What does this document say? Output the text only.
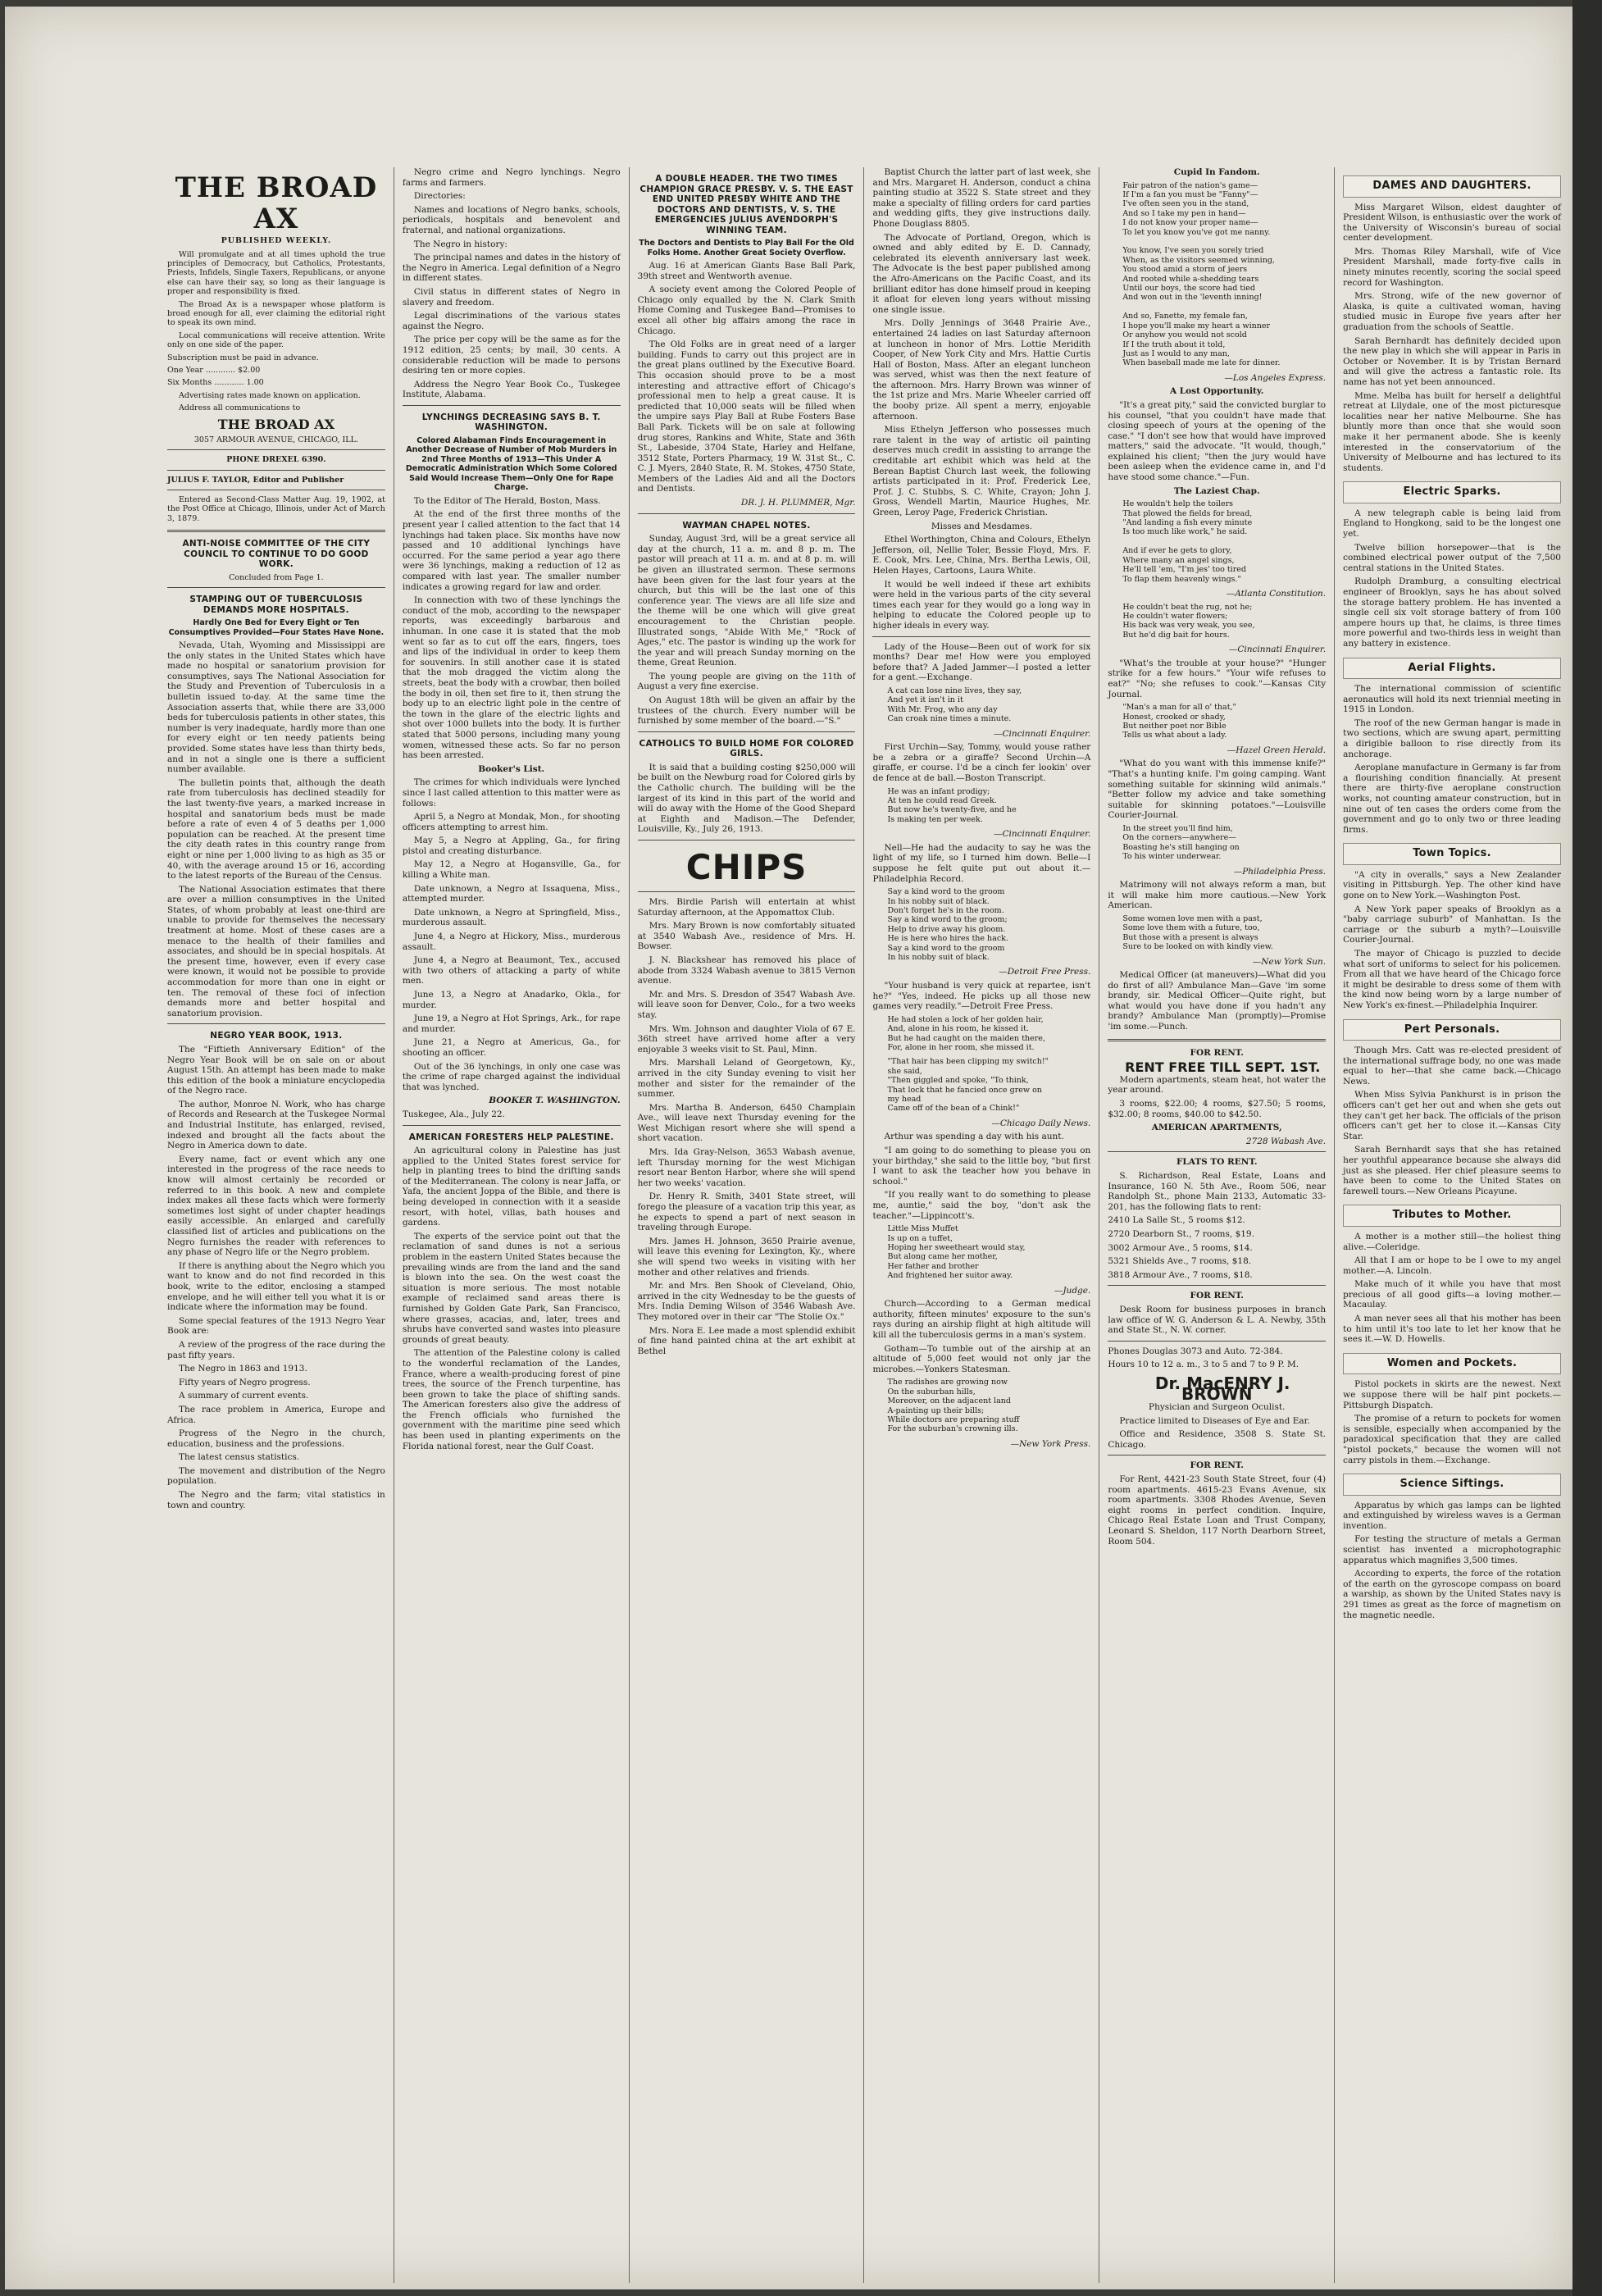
THE BROAD AX

PUBLISHED WEEKLY.

Will promulgate and at all times uphold the true principles of Democracy, but Catholics, Protestants, Priests, Infidels, Single Taxers, Republicans, or anyone else can have their say, so long as their language is proper and responsibility is fixed.

The Broad Ax is a newspaper whose platform is broad enough for all, ever claiming the editorial right to speak its own mind.

Local communications will receive attention. Write only on one side of the paper.

Subscription must be paid in advance.

One Year ............ $2.00

Six Months ............ 1.00

Advertising rates made known on application.

Address all communications to

THE BROAD AX

3057 ARMOUR AVENUE, CHICAGO, ILL.

PHONE DREXEL 6390.

JULIUS F. TAYLOR, Editor and Publisher

Entered as Second-Class Matter Aug. 19, 1902, at the Post Office at Chicago, Illinois, under Act of March 3, 1879.

ANTI-NOISE COMMITTEE OF THE CITY COUNCIL TO CONTINUE TO DO GOOD WORK.

Concluded from Page 1.

STAMPING OUT OF TUBERCULOSIS DEMANDS MORE HOSPITALS.
Hardly One Bed for Every Eight or Ten Consumptives Provided—Four States Have None.

Nevada, Utah, Wyoming and Mississippi are the only states in the United States which have made no hospital or sanatorium provision for consumptives, says The National Association for the Study and Prevention of Tuberculosis in a bulletin issued to-day. At the same time the Association asserts that, while there are 33,000 beds for tuberculosis patients in other states, this number is very inadequate, hardly more than one for every eight or ten needy patients being provided. Some states have less than thirty beds, and in not a single one is there a sufficient number available.

The bulletin points that, although the death rate from tuberculosis has declined steadily for the last twenty-five years, a marked increase in hospital and sanatorium beds must be made before a rate of even 4 of 5 deaths per 1,000 population can be reached. At the present time the city death rates in this country range from eight or nine per 1,000 living to as high as 35 or 40, with the average around 15 or 16, according to the latest reports of the Bureau of the Census.

The National Association estimates that there are over a million consumptives in the United States, of whom probably at least one-third are unable to provide for themselves the necessary treatment at home. Most of these cases are a menace to the health of their families and associates, and should be in special hospitals. At the present time, however, even if every case were known, it would not be possible to provide accommodation for more than one in eight or ten. The removal of these foci of infection demands more and better hospital and sanatorium provision.

NEGRO YEAR BOOK, 1913.

The "Fiftieth Anniversary Edition" of the Negro Year Book will be on sale on or about August 15th. An attempt has been made to make this edition of the book a miniature encyclopedia of the Negro race.

The author, Monroe N. Work, who has charge of Records and Research at the Tuskegee Normal and Industrial Institute, has enlarged, revised, indexed and brought all the facts about the Negro in America down to date.

Every name, fact or event which any one interested in the progress of the race needs to know will almost certainly be recorded or referred to in this book. A new and complete index makes all these facts which were formerly sometimes lost sight of under chapter headings easily accessible. An enlarged and carefully classified list of articles and publications on the Negro furnishes the reader with references to any phase of Negro life or the Negro problem.

If there is anything about the Negro which you want to know and do not find recorded in this book, write to the editor, enclosing a stamped envelope, and he will either tell you what it is or indicate where the information may be found.

Some special features of the 1913 Negro Year Book are:

A review of the progress of the race during the past fifty years.

The Negro in 1863 and 1913.

Fifty years of Negro progress.

A summary of current events.

The race problem in America, Europe and Africa.

Progress of the Negro in the church, education, business and the professions.

The latest census statistics.

The movement and distribution of the Negro population.

The Negro and the farm; vital statistics in town and country.

Negro crime and Negro lynchings. Negro farms and farmers.

Directories:

Names and locations of Negro banks, schools, periodicals, hospitals and benevolent and fraternal, and national organizations.

The Negro in history:

The principal names and dates in the history of the Negro in America. Legal definition of a Negro in different states.

Civil status in different states of Negro in slavery and freedom.

Legal discriminations of the various states against the Negro.

The price per copy will be the same as for the 1912 edition, 25 cents; by mail, 30 cents. A considerable reduction will be made to persons desiring ten or more copies.

Address the Negro Year Book Co., Tuskegee Institute, Alabama.

LYNCHINGS DECREASING SAYS B. T. WASHINGTON.
Colored Alabaman Finds Encouragement in Another Decrease of Number of Mob Murders in 2nd Three Months of 1913—This Under A Democratic Administration Which Some Colored Said Would Increase Them—Only One for Rape Charge.

To the Editor of The Herald, Boston, Mass.

At the end of the first three months of the present year I called attention to the fact that 14 lynchings had taken place. Six months have now passed and 10 additional lynchings have occurred. For the same period a year ago there were 36 lynchings, making a reduction of 12 as compared with last year. The smaller number indicates a growing regard for law and order.

In connection with two of these lynchings the conduct of the mob, according to the newspaper reports, was exceedingly barbarous and inhuman. In one case it is stated that the mob went so far as to cut off the ears, fingers, toes and lips of the individual in order to keep them for souvenirs. In still another case it is stated that the mob dragged the victim along the streets, beat the body with a crowbar, then boiled the body in oil, then set fire to it, then strung the body up to an electric light pole in the centre of the town in the glare of the electric lights and shot over 1000 bullets into the body. It is further stated that 5000 persons, including many young women, witnessed these acts. So far no person has been arrested.

Booker's List.

The crimes for which individuals were lynched since I last called attention to this matter were as follows:

April 5, a Negro at Mondak, Mon., for shooting officers attempting to arrest him.

May 5, a Negro at Appling, Ga., for firing pistol and creating disturbance.

May 12, a Negro at Hogansville, Ga., for killing a White man.

Date unknown, a Negro at Issaquena, Miss., attempted murder.

Date unknown, a Negro at Springfield, Miss., murderous assault.

June 4, a Negro at Hickory, Miss., murderous assault.

June 4, a Negro at Beaumont, Tex., accused with two others of attacking a party of white men.

June 13, a Negro at Anadarko, Okla., for murder.

June 19, a Negro at Hot Springs, Ark., for rape and murder.

June 21, a Negro at Americus, Ga., for shooting an officer.

Out of the 36 lynchings, in only one case was the crime of rape charged against the individual that was lynched.

BOOKER T. WASHINGTON.

Tuskegee, Ala., July 22.

AMERICAN FORESTERS HELP PALESTINE.

An agricultural colony in Palestine has just applied to the United States forest service for help in planting trees to bind the drifting sands of the Mediterranean. The colony is near Jaffa, or Yafa, the ancient Joppa of the Bible, and there is being developed in connection with it a seaside resort, with hotel, villas, bath houses and gardens.

The experts of the service point out that the reclamation of sand dunes is not a serious problem in the eastern United States because the prevailing winds are from the land and the sand is blown into the sea. On the west coast the situation is more serious. The most notable example of reclaimed sand areas there is furnished by Golden Gate Park, San Francisco, where grasses, acacias, and, later, trees and shrubs have converted sand wastes into pleasure grounds of great beauty.

The attention of the Palestine colony is called to the wonderful reclamation of the Landes, France, where a wealth-producing forest of pine trees, the source of the French turpentine, has been grown to take the place of shifting sands. The American foresters also give the address of the French officials who furnished the government with the maritime pine seed which has been used in planting experiments on the Florida national forest, near the Gulf Coast.

A DOUBLE HEADER. THE TWO TIMES CHAMPION GRACE PRESBY. V. S. THE EAST END UNITED PRESBY WHITE AND THE DOCTORS AND DENTISTS, V. S. THE EMERGENCIES JULIUS AVENDORPH'S WINNING TEAM.
The Doctors and Dentists to Play Ball For the Old Folks Home. Another Great Society Overflow.

Aug. 16 at American Giants Base Ball Park, 39th street and Wentworth avenue.

A society event among the Colored People of Chicago only equalled by the N. Clark Smith Home Coming and Tuskegee Band—Promises to excel all other big affairs among the race in Chicago.

The Old Folks are in great need of a larger building. Funds to carry out this project are in the great plans outlined by the Executive Board. This occasion should prove to be a most interesting and attractive effort of Chicago's professional men to help a great cause. It is predicted that 10,000 seats will be filled when the umpire says Play Ball at Rube Fosters Base Ball Park. Tickets will be on sale at following drug stores, Rankins and White, State and 36th St., Labeside, 3704 State, Harley and Helfane, 3512 State, Porters Pharmacy, 19 W. 31st St., C. C. J. Myers, 2840 State, R. M. Stokes, 4750 State, Members of the Ladies Aid and all the Doctors and Dentists.

DR. J. H. PLUMMER, Mgr.

WAYMAN CHAPEL NOTES.

Sunday, August 3rd, will be a great service all day at the church, 11 a. m. and 8 p. m. The pastor will preach at 11 a. m. and at 8 p. m. will be given an illustrated sermon. These sermons have been given for the last four years at the church, but this will be the last one of this conference year. The views are all life size and the theme will be one which will give great encouragement to the Christian people. Illustrated songs, "Abide With Me," "Rock of Ages," etc. The pastor is winding up the work for the year and will preach Sunday morning on the theme, Great Reunion.

The young people are giving on the 11th of August a very fine exercise.

On August 18th will be given an affair by the trustees of the church. Every number will be furnished by some member of the board.—"S."

CATHOLICS TO BUILD HOME FOR COLORED GIRLS.

It is said that a building costing $250,000 will be built on the Newburg road for Colored girls by the Catholic church. The building will be the largest of its kind in this part of the world and will do away with the Home of the Good Shepard at Eighth and Madison.—The Defender, Louisville, Ky., July 26, 1913.

CHIPS

Mrs. Birdie Parish will entertain at whist Saturday afternoon, at the Appomattox Club.

Mrs. Mary Brown is now comfortably situated at 3540 Wabash Ave., residence of Mrs. H. Bowser.

J. N. Blackshear has removed his place of abode from 3324 Wabash avenue to 3815 Vernon avenue.

Mr. and Mrs. S. Dresdon of 3547 Wabash Ave. will leave soon for Denver, Colo., for a two weeks stay.

Mrs. Wm. Johnson and daughter Viola of 67 E. 36th street have arrived home after a very enjoyable 3 weeks visit to St. Paul, Minn.

Mrs. Marshall Leland of Georgetown, Ky., arrived in the city Sunday evening to visit her mother and sister for the remainder of the summer.

Mrs. Martha B. Anderson, 6450 Champlain Ave., will leave next Thursday evening for the West Michigan resort where she will spend a short vacation.

Mrs. Ida Gray-Nelson, 3653 Wabash avenue, left Thursday morning for the west Michigan resort near Benton Harbor, where she will spend her two weeks' vacation.

Dr. Henry R. Smith, 3401 State street, will forego the pleasure of a vacation trip this year, as he expects to spend a part of next season in traveling through Europe.

Mrs. James H. Johnson, 3650 Prairie avenue, will leave this evening for Lexington, Ky., where she will spend two weeks in visiting with her mother and other relatives and friends.

Mr. and Mrs. Ben Shook of Cleveland, Ohio, arrived in the city Wednesday to be the guests of Mrs. India Deming Wilson of 3546 Wabash Ave. They motored over in their car "The Stolie Ox."

Mrs. Nora E. Lee made a most splendid exhibit of fine hand painted china at the art exhibit at Bethel

Baptist Church the latter part of last week, she and Mrs. Margaret H. Anderson, conduct a china painting studio at 3522 S. State street and they make a specialty of filling orders for card parties and wedding gifts, they give instructions daily. Phone Douglass 8805.

The Advocate of Portland, Oregon, which is owned and ably edited by E. D. Cannady, celebrated its eleventh anniversary last week. The Advocate is the best paper published among the Afro-Americans on the Pacific Coast, and its brilliant editor has done himself proud in keeping it afloat for eleven long years without missing one single issue.

Mrs. Dolly Jennings of 3648 Prairie Ave., entertained 24 ladies on last Saturday afternoon at luncheon in honor of Mrs. Lottie Meridith Cooper, of New York City and Mrs. Hattie Curtis Hall of Boston, Mass. After an elegant luncheon was served, whist was then the next feature of the afternoon. Mrs. Harry Brown was winner of the 1st prize and Mrs. Marie Wheeler carried off the booby prize. All spent a merry, enjoyable afternoon.

Miss Ethelyn Jefferson who possesses much rare talent in the way of artistic oil painting deserves much credit in assisting to arrange the creditable art exhibit which was held at the Berean Baptist Church last week, the following artists participated in it: Prof. Frederick Lee, Prof. J. C. Stubbs, S. C. White, Crayon; John J. Gross, Wendell Martin, Maurice Hughes, Mr. Green, Leroy Page, Frederick Christian.

Misses and Mesdames.

Ethel Worthington, China and Colours, Ethelyn Jefferson, oil, Nellie Toler, Bessie Floyd, Mrs. F. E. Cook, Mrs. Lee, China, Mrs. Bertha Lewis, Oil, Helen Hayes, Cartoons, Laura White.

It would be well indeed if these art exhibits were held in the various parts of the city several times each year for they would go a long way in helping to educate the Colored people up to higher ideals in every way.

Lady of the House—Been out of work for six months? Dear me! How were you employed before that? A Jaded Jammer—I posted a letter for a gent.—Exchange.

A cat can lose nine lives, they say,
And yet it isn't in it
With Mr. Frog, who any day
Can croak nine times a minute.

—Cincinnati Enquirer.

First Urchin—Say, Tommy, would youse rather be a zebra or a giraffe? Second Urchin—A giraffe, er course. I'd be a cinch fer lookin' over de fence at de ball.—Boston Transcript.

He was an infant prodigy;
At ten he could read Greek.
But now he's twenty-five, and he
Is making ten per week.

—Cincinnati Enquirer.

Nell—He had the audacity to say he was the light of my life, so I turned him down. Belle—I suppose he felt quite put out about it.—Philadelphia Record.

Say a kind word to the groom
In his nobby suit of black.
Don't forget he's in the room.
Say a kind word to the groom;
Help to drive away his gloom.
He is here who hires the hack.
Say a kind word to the groom
In his nobby suit of black.

—Detroit Free Press.

"Your husband is very quick at repartee, isn't he?" "Yes, indeed. He picks up all those new games very readily."—Detroit Free Press.

He had stolen a lock of her golden hair,
And, alone in his room, he kissed it.
But he had caught on the maiden there,
For, alone in her room, she missed it.
"That hair has been clipping my switch!"
she said,
"Then giggled and spoke, "To think,
That lock that he fancied once grew on
my head
Came off of the bean of a Chink!"

—Chicago Daily News.

Arthur was spending a day with his aunt.

"I am going to do something to please you on your birthday," she said to the little boy, "but first I want to ask the teacher how you behave in school."

"If you really want to do something to please me, auntie," said the boy, "don't ask the teacher."—Lippincott's.

Little Miss Muffet
Is up on a tuffet,
Hoping her sweetheart would stay,
But along came her mother,
Her father and brother
And frightened her suitor away.

—Judge.

Church—According to a German medical authority, fifteen minutes' exposure to the sun's rays during an airship flight at high altitude will kill all the tuberculosis germs in a man's system.

Gotham—To tumble out of the airship at an altitude of 5,000 feet would not only jar the microbes.—Yonkers Statesman.

The radishes are growing now
On the suburban hills,
Moreover, on the adjacent land
A-painting up their bills;
While doctors are preparing stuff
For the suburban's crowning ills.

—New York Press.

Cupid In Fandom.

Fair patron of the nation's game—
If I'm a fan you must be "Fanny"—
I've often seen you in the stand,
And so I take my pen in hand—
I do not know your proper name—
To let you know you've got me nanny.

You know, I've seen you sorely tried
When, as the visitors seemed winning,
You stood amid a storm of jeers
And rooted while a-shedding tears
Until our boys, the score had tied
And won out in the 'leventh inning!

And so, Fanette, my female fan,
I hope you'll make my heart a winner
Or anyhow you would not scold
If I the truth about it told,
Just as I would to any man,
When baseball made me late for dinner.

—Los Angeles Express.

A Lost Opportunity.

"It's a great pity," said the convicted burglar to his counsel, "that you couldn't have made that closing speech of yours at the opening of the case." "I don't see how that would have improved matters," said the advocate. "It would, though," explained his client; "then the jury would have been asleep when the evidence came in, and I'd have stood some chance."—Fun.

The Laziest Chap.

He wouldn't help the toilers
That plowed the fields for bread,
"And landing a fish every minute
Is too much like work," he said.

And if ever he gets to glory,
Where many an angel sings,
He'll tell 'em, "I'm jes' too tired
To flap them heavenly wings."

—Atlanta Constitution.

He couldn't beat the rug, not he;
He couldn't water flowers;
His back was very weak, you see,
But he'd dig bait for hours.

—Cincinnati Enquirer.

"What's the trouble at your house?" "Hunger strike for a few hours." "Your wife refuses to eat?" "No; she refuses to cook."—Kansas City Journal.

"Man's a man for all o' that,"
Honest, crooked or shady,
But neither poet nor Bible
Tells us what about a lady.

—Hazel Green Herald.

"What do you want with this immense knife?" "That's a hunting knife. I'm going camping. Want something suitable for skinning wild animals." "Better follow my advice and take something suitable for skinning potatoes."—Louisville Courier-Journal.

In the street you'll find him,
On the corners—anywhere—
Boasting he's still hanging on
To his winter underwear.

—Philadelphia Press.

Matrimony will not always reform a man, but it will make him more cautious.—New York American.

Some women love men with a past,
Some love them with a future, too,
But those with a present is always
Sure to be looked on with kindly view.

—New York Sun.

Medical Officer (at maneuvers)—What did you do first of all? Ambulance Man—Gave 'im some brandy, sir. Medical Officer—Quite right, but what would you have done if you hadn't any brandy? Ambulance Man (promptly)—Promise 'im some.—Punch.

FOR RENT.

RENT FREE TILL SEPT. 1ST.

Modern apartments, steam heat, hot water the year around.

3 rooms, $22.00; 4 rooms, $27.50; 5 rooms, $32.00; 8 rooms, $40.00 to $42.50.

AMERICAN APARTMENTS,

2728 Wabash Ave.

FLATS TO RENT.

S. Richardson, Real Estate, Loans and Insurance, 160 N. 5th Ave., Room 506, near Randolph St., phone Main 2133, Automatic 33-201, has the following flats to rent:

2410 La Salle St., 5 rooms $12.

2720 Dearborn St., 7 rooms, $19.

3002 Armour Ave., 5 rooms, $14.

5321 Shields Ave., 7 rooms, $18.

3818 Armour Ave., 7 rooms, $18.

FOR RENT.

Desk Room for business purposes in branch law office of W. G. Anderson & L. A. Newby, 35th and State St., N. W. corner.

Phones Douglas 3073 and Auto. 72-384.

Hours 10 to 12 a. m., 3 to 5 and 7 to 9 P. M.

Dr. MacENRY J. BROWN

Physician and Surgeon Oculist.

Practice limited to Diseases of Eye and Ear.

Office and Residence, 3508 S. State St. Chicago.

FOR RENT.

For Rent, 4421-23 South State Street, four (4) room apartments. 4615-23 Evans Avenue, six room apartments. 3308 Rhodes Avenue, Seven eight rooms in perfect condition. Inquire, Chicago Real Estate Loan and Trust Company, Leonard S. Sheldon, 117 North Dearborn Street, Room 504.

DAMES AND DAUGHTERS.

Miss Margaret Wilson, eldest daughter of President Wilson, is enthusiastic over the work of the University of Wisconsin's bureau of social center development.

Mrs. Thomas Riley Marshall, wife of Vice President Marshall, made forty-five calls in ninety minutes recently, scoring the social speed record for Washington.

Mrs. Strong, wife of the new governor of Alaska, is quite a cultivated woman, having studied music in Europe five years after her graduation from the schools of Seattle.

Sarah Bernhardt has definitely decided upon the new play in which she will appear in Paris in October or November. It is by Tristan Bernard and will give the actress a fantastic role. Its name has not yet been announced.

Mme. Melba has built for herself a delightful retreat at Lilydale, one of the most picturesque localities near her native Melbourne. She has bluntly more than once that she would soon make it her permanent abode. She is keenly interested in the conservatorium of the University of Melbourne and has lectured to its students.

Electric Sparks.

A new telegraph cable is being laid from England to Hongkong, said to be the longest one yet.

Twelve billion horsepower—that is the combined electrical power output of the 7,500 central stations in the United States.

Rudolph Dramburg, a consulting electrical engineer of Brooklyn, says he has about solved the storage battery problem. He has invented a single cell six volt storage battery of from 100 ampere hours up that, he claims, is three times more powerful and two-thirds less in weight than any battery in existence.

Aerial Flights.

The international commission of scientific aeronautics will hold its next triennial meeting in 1915 in London.

The roof of the new German hangar is made in two sections, which are swung apart, permitting a dirigible balloon to rise directly from its anchorage.

Aeroplane manufacture in Germany is far from a flourishing condition financially. At present there are thirty-five aeroplane construction works, not counting amateur construction, but in nine out of ten cases the orders come from the government and go to only two or three leading firms.

Town Topics.

"A city in overalls," says a New Zealander visiting in Pittsburgh. Yep. The other kind have gone on to New York.—Washington Post.

A New York paper speaks of Brooklyn as a "baby carriage suburb" of Manhattan. Is the carriage or the suburb a myth?—Louisville Courier-Journal.

The mayor of Chicago is puzzled to decide what sort of uniforms to select for his policemen. From all that we have heard of the Chicago force it might be desirable to dress some of them with the kind now being worn by a large number of New York's ex-finest.—Philadelphia Inquirer.

Pert Personals.

Though Mrs. Catt was re-elected president of the international suffrage body, no one was made equal to her—that she came back.—Chicago News.

When Miss Sylvia Pankhurst is in prison the officers can't get her out and when she gets out they can't get her back. The officials of the prison officers can't get her to close it.—Kansas City Star.

Sarah Bernhardt says that she has retained her youthful appearance because she always did just as she pleased. Her chief pleasure seems to have been to come to the United States on farewell tours.—New Orleans Picayune.

Tributes to Mother.

A mother is a mother still—the holiest thing alive.—Coleridge.

All that I am or hope to be I owe to my angel mother.—A. Lincoln.

Make much of it while you have that most precious of all good gifts—a loving mother.—Macaulay.

A man never sees all that his mother has been to him until it's too late to let her know that he sees it.—W. D. Howells.

Women and Pockets.

Pistol pockets in skirts are the newest. Next we suppose there will be half pint pockets.—Pittsburgh Dispatch.

The promise of a return to pockets for women is sensible, especially when accompanied by the paradoxical specification that they are called "pistol pockets," because the women will not carry pistols in them.—Exchange.

Science Siftings.

Apparatus by which gas lamps can be lighted and extinguished by wireless waves is a German invention.

For testing the structure of metals a German scientist has invented a microphotographic apparatus which magnifies 3,500 times.

According to experts, the force of the rotation of the earth on the gyroscope compass on board a warship, as shown by the United States navy is 291 times as great as the force of magnetism on the magnetic needle.
